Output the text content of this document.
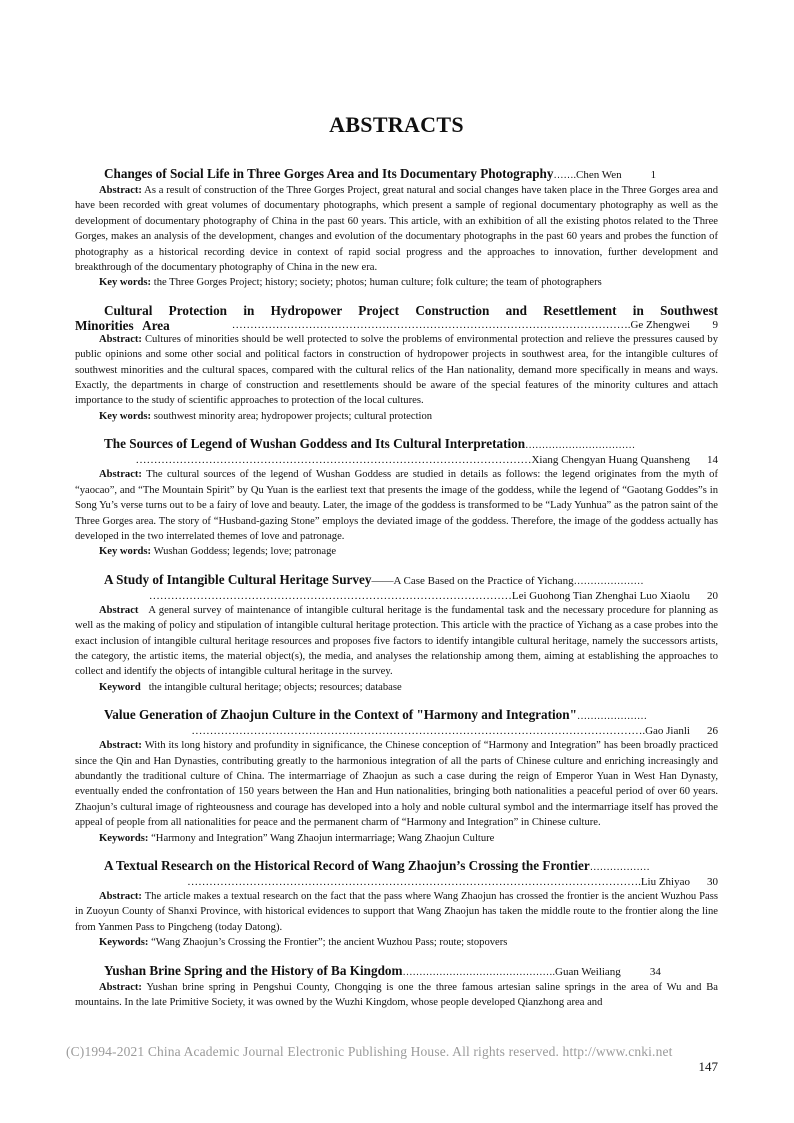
ABSTRACTS

Changes of Social Life in Three Gorges Area and Its Documentary Photography…….Chen Wen	1

Abstract: As a result of construction of the Three Gorges Project, great natural and social changes have taken place in the Three Gorges area and have been recorded with great volumes of documentary photographs, which present a sample of regional documentary photography as well as the development of documentary photography of China in the past 60 years. This article, with an exhibition of all the existing photos related to the Three Gorges, makes an analysis of the development, changes and evolution of the documentary photographs in the past 60 years and probes the function of photography as a historical recording device in context of rapid social progress and the approaches to innovation, further development and breakthrough of the documentary photography of China in the new era.

Key words: the Three Gorges Project; history; society; photos; human culture; folk culture; the team of photographers

Cultural Protection in Hydropower Project Construction and Resettlement in Southwest Minorities Area	……………………………………………………………………………………………….Ge Zhengwei 9

Abstract: Cultures of minorities should be well protected to solve the problems of environmental protection and relieve the pressures caused by public opinions and some other social and political factors in construction of hydropower projects in southwest area, for the intangible cultures of southwest minorities and the cultural spaces, compared with the cultural relics of the Han nationality, demand more specifically in means and ways. Exactly, the departments in charge of construction and resettlements should be aware of the special features of the minority cultures and attach importance to the study of scientific approaches to protection of the local cultures.

Key words: southwest minority area; hydropower projects; cultural protection

The Sources of Legend of Wushan Goddess and Its Cultural Interpretation……………………………

………………………………………………………………………………………………Xiang Chengyan Huang Quansheng 14

Abstract: The cultural sources of the legend of Wushan Goddess are studied in details as follows: the legend originates from the myth of “yaocao”, and “The Mountain Spirit” by Qu Yuan is the earliest text that presents the image of the goddess, while the legend of “Gaotang Goddes”s in Song Yu’s verse turns out to be a fairy of love and beauty. Later, the image of the goddess is transformed to be “Lady Yunhua” as the patron saint of the Three Gorges area. The story of “Husband-gazing Stone” employs the deviated image of the goddess. Therefore, the image of the goddess actually has developed in the two interrelated themes of love and patronage.

Key words: Wushan Goddess; legends; love; patronage

A Study of Intangible Cultural Heritage Survey——A Case Based on the Practice of Yichang…………………

………………………………………………………………………………………Lei Guohong Tian Zhenghai Luo Xiaolu 20

Abstract A general survey of maintenance of intangible cultural heritage is the fundamental task and the necessary procedure for planning as well as the making of policy and stipulation of intangible cultural heritage protection. This article with the practice of Yichang as a case probes into the exact inclusion of intangible cultural heritage resources and proposes five factors to identify intangible cultural heritage, namely the successors artists, the category, the artistic items, the material object(s), the media, and analyses the relationship among them, aiming at establishing the approaches to collect and identify the objects of intangible cultural heritage in the survey.

Keyword the intangible cultural heritage; objects; resources; database

Value Generation of Zhaojun Culture in the Context of "Harmony and Integration"…………………

…………………………………………………………………………………………………………….Gao Jianli 26

Abstract: With its long history and profundity in significance, the Chinese conception of “Harmony and Integration” has been broadly practiced since the Qin and Han Dynasties, contributing greatly to the harmonious integration of all the parts of Chinese culture and enriching increasingly and abundantly the traditional culture of China. The intermarriage of Zhaojun as such a case during the reign of Emperor Yuan in West Han Dynasty, eventually ended the confrontation of 150 years between the Han and Hun nationalities, bringing both nationalities a peaceful period of over 60 years. Zhaojun’s cultural image of righteousness and courage has developed into a holy and noble cultural symbol and the intermarriage itself has proved the appeal of people from all nationalities for peace and the permanent charm of “Harmony and Integration” in Chinese culture.

Keywords: “Harmony and Integration” Wang Zhaojun intermarriage; Wang Zhaojun Culture

A Textual Research on the Historical Record of Wang Zhaojun’s Crossing the Frontier………………

…………………………………………………………………………………………………………….Liu Zhiyao 30

Abstract: The article makes a textual research on the fact that the pass where Wang Zhaojun has crossed the frontier is the ancient Wuzhou Pass in Zuoyun County of Shanxi Province, with historical evidences to support that Wang Zhaojun has taken the middle route to the frontier along the line from Yanmen Pass to Pingcheng (today Datong).

Keywords: “Wang Zhaojun’s Crossing the Frontier”; the ancient Wuzhou Pass; route; stopovers

Yushan Brine Spring and the History of Ba Kingdom……………………………………….Guan Weiliang	34

Abstract: Yushan brine spring in Pengshui County, Chongqing is one the three famous artesian saline springs in the area of Wu and Ba mountains. In the late Primitive Society, it was owned by the Wuzhi Kingdom, whose people developed Qianzhong area and

(C)1994-2021 China Academic Journal Electronic Publishing House. All rights reserved. http://www.cnki.net
147
